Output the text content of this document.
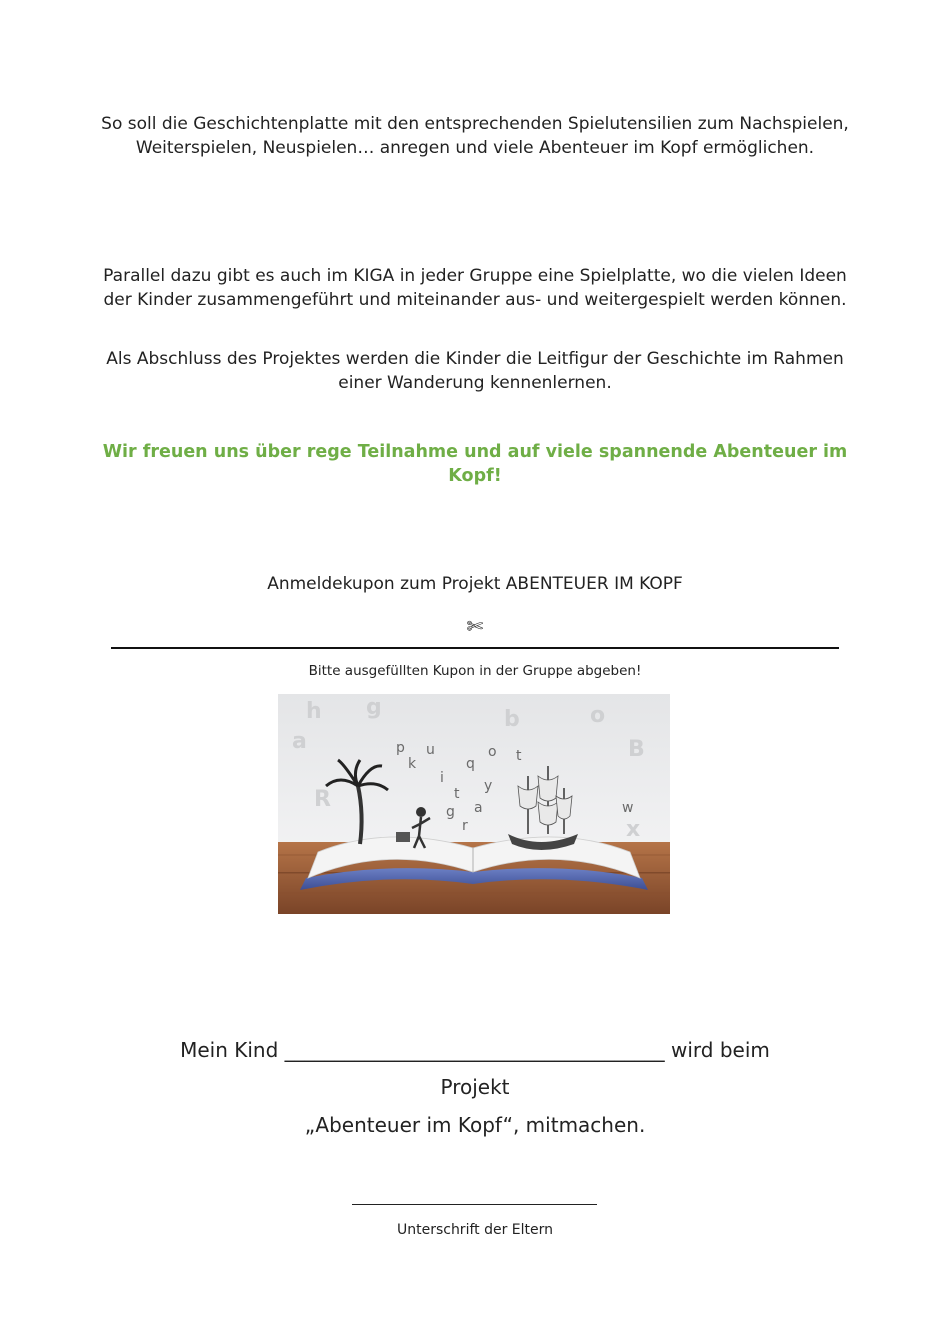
So soll die Geschichtenplatte mit den entsprechenden Spielutensilien zum Nachspielen, Weiterspielen, Neuspielen… anregen und viele Abenteuer im Kopf ermöglichen.

Parallel dazu gibt es auch im KIGA in jeder Gruppe eine Spielplatte, wo die vielen Ideen der Kinder zusammengeführt und miteinander aus- und weitergespielt werden können.

Als Abschluss des Projektes werden die Kinder die Leitfigur der Geschichte im Rahmen einer Wanderung kennenlernen.

Wir freuen uns über rege Teilnahme und auf viele spannende Abenteuer im Kopf!

Anmeldekupon zum Projekt ABENTEUER IM KOPF
✄
Bitte ausgefüllten Kupon in der Gruppe abgeben!
u
k
i
t
q
o
g a
r
y
p	t
w
h g
a
R
o
B
x
b
Mein Kind ______________________________________ wird beim
Projekt
„Abenteuer im Kopf“, mitmachen.
Unterschrift der Eltern
